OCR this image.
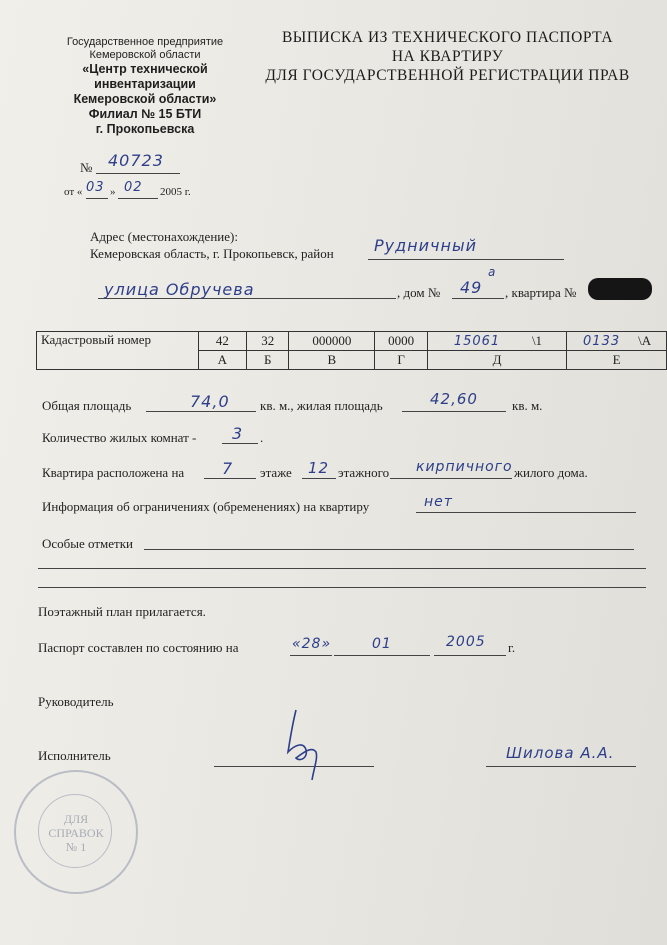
Государственное предприятие
Кемеровской области
«Центр технической
инвентаризации
Кемеровской области»
Филиал № 15 БТИ
г. Прокопьевска
№ 40723
от « 03 » 02 2005 г.
ВЫПИСКА ИЗ ТЕХНИЧЕСКОГО ПАСПОРТА
НА КВАРТИРУ
ДЛЯ ГОСУДАРСТВЕННОЙ РЕГИСТРАЦИИ ПРАВ
Адрес (местонахождение):
Кемеровская область, г. Прокопьевск, район	Рудничный
улица Обручева	, дом № 49
а
, квартира №
Кадастровый номер	42	32	000000	0000	15061 \1	0133 \А
	А	Б	В	Г	Д	Е
Общая площадь	74,0 кв. м., жилая площадь	42,60	кв. м.
Количество жилых комнат - 3 .
Квартира расположена на 7 этаже 12 этажного кирпичного жилого дома.
Информация об ограничениях (обременениях) на квартиру	нет
Особые отметки
Поэтажный план прилагается.
Паспорт составлен по состоянию на	«28»	01	2005 г.
Руководитель
Исполнитель	Шилова А.А.
ДЛЯ
СПРАВОК
№ 1
